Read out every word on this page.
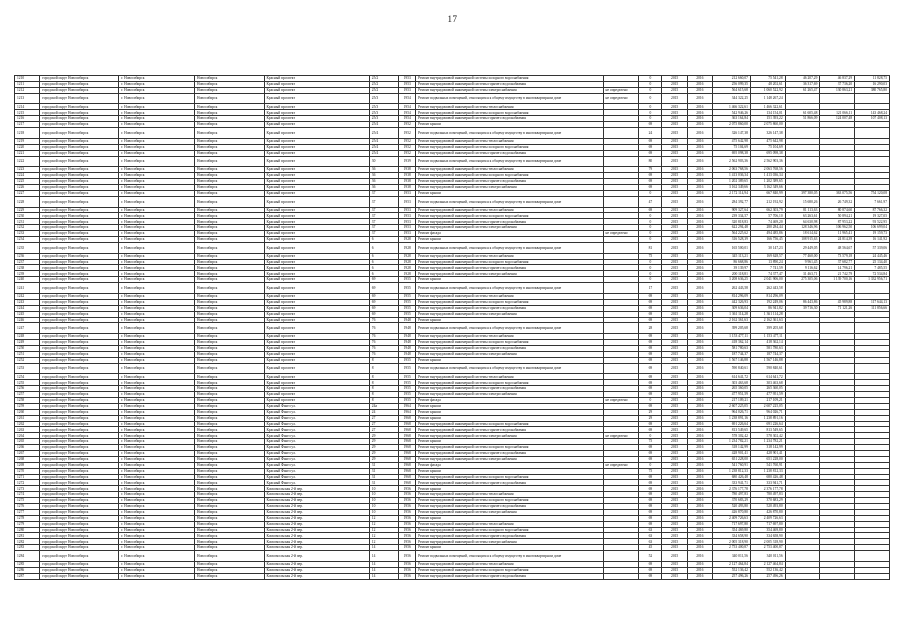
17
1210	городской округ Новосибирск	г. Новосибирск	Новосибирск	Красный проспект	25/2	1953	Ремонт внутридомовой инженерной системы холодного водоснабжения		0	2015	2016	212 660,07	75 541,28	46 207,29	46 837,29	11 828,75
1211	городской округ Новосибирск	г. Новосибирск	Новосибирск	Красный проспект	25/2	1953	Ремонт внутридомовой инженерной системы горячего водоснабжения		0	2015	2016	256 099,35	48 202,61	36 317,69	37 736,20	16 290,03
1212	городской округ Новосибирск	г. Новосибирск	Новосибирск	Красный проспект	25/2	1953	Ремонт внутридомовой инженерной системы электроснабжения	не определено	0	2015	2016	564 615,68	1 060 522,92	61 265,47	130 863,21	380 765,80
1213	городской округ Новосибирск	г. Новосибирск	Новосибирск	Красный проспект	25/3	1954	Ремонт подвальных помещений, относящихся к общему имуществу в многоквартирном доме	не определено	0	2015	2016	344 322,25	1 148 267,24			
1214	городской округ Новосибирск	г. Новосибирск	Новосибирск	Красный проспект	25/3	1954	Ремонт внутридомовой инженерной системы теплоснабжения		0	2015	2016	1 466 322,61	1 466 322,61			
1215	городской округ Новосибирск	г. Новосибирск	Новосибирск	Красный проспект	25/3	1954	Ремонт внутридомовой инженерной системы холодного водоснабжения		0	2015	2016	542 946,26	134 154,01	61 605,48	121 066,11	143 468,24
1216	городской округ Новосибирск	г. Новосибирск	Новосибирск	Красный проспект	25/3	1954	Ремонт внутридомовой инженерной системы горячего водоснабжения		0	2015	2016	363 164,84	151 393,22	51 866,09	124 007,48	107 408,13
1217	городской округ Новосибирск	г. Новосибирск	Новосибирск	Красный проспект	25/4	1952	Ремонт крыши		69	2015	2016	2 075 860,00	2 075 860,00			
1218	городской округ Новосибирск	г. Новосибирск	Новосибирск	Красный проспект	25/4	1952	Ремонт подвальных помещений, относящихся к общему имуществу в многоквартирном доме		24	2015	2016	326 147,38	326 147,38			
1219	городской округ Новосибирск	г. Новосибирск	Новосибирск	Красный проспект	25/4	1952	Ремонт внутридомовой инженерной системы теплоснабжения		69	2015	2016	475 642,98	475 642,98			
1220	городской округ Новосибирск	г. Новосибирск	Новосибирск	Красный проспект	25/4	1952	Ремонт внутридомовой инженерной системы холодного водоснабжения		69	2015	2016	75 104,69	75 104,69			
1221	городской округ Новосибирск	г. Новосибирск	Новосибирск	Красный проспект	25/4	1952	Ремонт внутридомовой инженерной системы горячего водоснабжения		69	2015	2016	695 098,38	695 098,38			
1222	городской округ Новосибирск	г. Новосибирск	Новосибирск	Красный проспект	30	1939	Ремонт подвальных помещений, относящихся к общему имуществу в многоквартирном доме		80	2015	2016	2 562 903,36	2 562 903,36			
1223	городской округ Новосибирск	г. Новосибирск	Новосибирск	Красный проспект	36	1938	Ремонт внутридомовой инженерной системы теплоснабжения		79	2015	2016	2 063 768,56	2 063 768,56			
1224	городской округ Новосибирск	г. Новосибирск	Новосибирск	Красный проспект	36	1938	Ремонт внутридомовой инженерной системы холодного водоснабжения		69	2015	2016	1 413 036,34	1 413 036,34			
1225	городской округ Новосибирск	г. Новосибирск	Новосибирск	Красный проспект	36	1938	Ремонт внутридомовой инженерной системы горячего водоснабжения		69	2015	2016	1 202 389,65	1 202 389,65			
1226	городской округ Новосибирск	г. Новосибирск	Новосибирск	Красный проспект	36	1938	Ремонт внутридомовой инженерной системы электроснабжения		69	2015	2016	3 162 349,66	3 162 349,66			
1227	городской округ Новосибирск	г. Новосибирск	Новосибирск	Красный проспект	37	1953	Ремонт крыши		0	2015	2016	2 172 114,94	667 840,99	397 380,05	363 075,56	754 120,08
1228	городской округ Новосибирск	г. Новосибирск	Новосибирск	Красный проспект	37	1953	Ремонт подвальных помещений, относящихся к общему имуществу в многоквартирном доме		47	2015	2016	284 392,77	212 192,92	15 680,26	26 749,32	7 661,97
1229	городской округ Новосибирск	г. Новосибирск	Новосибирск	Красный проспект	37	1953	Ремонт внутридомовой инженерной системы теплоснабжения		69	2015	2016	909 327,64	662 303,79	81 113,63	80 874,60	87 766,32
1230	городской округ Новосибирск	г. Новосибирск	Новосибирск	Красный проспект	37	1953	Ремонт внутридомовой инженерной системы холодного водоснабжения		0	2015	2016	239 334,57	57 706,10	63 263,61	50 894,21	19 327,05
1231	городской округ Новосибирск	г. Новосибирск	Новосибирск	Красный проспект	37	1953	Ремонт внутридомовой инженерной системы горячего водоснабжения		0	2015	2016	320 818,83	74 469,20	64 630,98	87 953,22	93 522,95
1232	городской округ Новосибирск	г. Новосибирск	Новосибирск	Красный проспект	37	1953	Ремонт внутридомовой инженерной системы электроснабжения		0	2015	2016	622 294,48	280 284,44	128 346,96	106 962,50	106 699,04
1233	городской округ Новосибирск	г. Новосибирск	Новосибирск	Красный проспект	37	1953	Ремонт фасада	не определено	0	2015	2016	564 225,62	494 485,86	18 614,62	11 965,41	19 159,73
1234	городской округ Новосибирск	г. Новосибирск	Новосибирск	Красный проспект	6	1928	Ремонт крыши		0	2015	2016	316 528,39	166 756,45	108 915,63	24 814,39	16 141,92
1235	городской округ Новосибирск	г. Новосибирск	Новосибирск	Красный проспект	6	1928	Ремонт подвальных помещений, относящихся к общему имуществу в многоквартирном доме		81	2015	2016	165 500,01	30 147,23	29 449,05	48 564,67	57 339,06
1236	городской округ Новосибирск	г. Новосибирск	Новосибирск	Красный проспект	6	1928	Ремонт внутридомовой инженерной системы теплоснабжения		75	2015	2016	345 113,21	169 628,57	77 460,00	73 579,18	24 445,46
1237	городской округ Новосибирск	г. Новосибирск	Новосибирск	Красный проспект	6	1928	Ремонт внутридомовой инженерной системы холодного водоснабжения		0	2015	2016	86 668,86	13 890,24	9 961,45	37 682,77	25 134,40
1238	городской округ Новосибирск	г. Новосибирск	Новосибирск	Красный проспект	6	1928	Ремонт внутридомовой инженерной системы горячего водоснабжения		0	2015	2016	39 139,97	7 741,59	9 116,62	14 796,21	7 485,55
1239	городской округ Новосибирск	г. Новосибирск	Новосибирск	Красный проспект	6	1928	Ремонт внутридомовой инженерной системы электроснабжения		0	2015	2016	200 118,81	74 377,47	31 463,71	21 742,79	72 534,84
1240	городской округ Новосибирск	г. Новосибирск	Новосибирск	Красный проспект	69	1955	Ремонт крыши		0	2015	2016	3 208 636,25	2 041 906,00	275 305,06	1 139 700,16	1 332 956,71
1241	городской округ Новосибирск	г. Новосибирск	Новосибирск	Красный проспект	69	1955	Ремонт подвальных помещений, относящихся к общему имуществу в многоквартирном доме		17	2015	2016	262 443,58	262 443,58			
1242	городской округ Новосибирск	г. Новосибирск	Новосибирск	Красный проспект	69	1955	Ремонт внутридомовой инженерной системы теплоснабжения		69	2015	2016	814 296,09	814 296,09			
1243	городской округ Новосибирск	г. Новосибирск	Новосибирск	Красный проспект	69	1955	Ремонт внутридомовой инженерной системы холодного водоснабжения		69	2015	2016	442 326,93	192 249,06	86 443,86	45 989,88	117 644,13
1244	городской округ Новосибирск	г. Новосибирск	Новосибирск	Красный проспект	69	1955	Ремонт внутридомовой инженерной системы горячего водоснабжения		69	2015	2016	309 636,04	86 941,82	39 716,30	71 121,26	111 856,66
1245	городской округ Новосибирск	г. Новосибирск	Новосибирск	Красный проспект	69	1955	Ремонт внутридомовой инженерной системы электроснабжения		69	2015	2016	1 361 114,28	1 361 114,28			
1246	городской округ Новосибирск	г. Новосибирск	Новосибирск	Красный проспект	76	1948	Ремонт крыши		69	2015	2016	2 162 361,63	2 162 361,63			
1247	городской округ Новосибирск	г. Новосибирск	Новосибирск	Красный проспект	76	1948	Ремонт подвальных помещений, относящихся к общему имуществу в многоквартирном доме		28	2015	2016	399 205,68	399 205,68			
1248	городской округ Новосибирск	г. Новосибирск	Новосибирск	Красный проспект	76	1948	Ремонт внутридомовой инженерной системы теплоснабжения		69	2015	2016	1 153 477,11	1 153 477,11			
1249	городской округ Новосибирск	г. Новосибирск	Новосибирск	Красный проспект	76	1948	Ремонт внутридомовой инженерной системы холодного водоснабжения		69	2015	2016	418 362,14	418 362,14			
1250	городской округ Новосибирск	г. Новосибирск	Новосибирск	Красный проспект	76	1948	Ремонт внутридомовой инженерной системы горячего водоснабжения		69	2015	2016	581 780,63	581 780,63			
1251	городской округ Новосибирск	г. Новосибирск	Новосибирск	Красный проспект	76	1948	Ремонт внутридомовой инженерной системы электроснабжения		69	2015	2016	187 744,37	187 744,37			
1252	городской округ Новосибирск	г. Новосибирск	Новосибирск	Красный проспект	8	1955	Ремонт крыши		69	2015	2016	1 567 146,88	1 567 146,88			
1253	городской округ Новосибирск	г. Новосибирск	Новосибирск	Красный проспект	8	1955	Ремонт подвальных помещений, относящихся к общему имуществу в многоквартирном доме		69	2015	2016	590 840,61	590 840,61			
1254	городской округ Новосибирск	г. Новосибирск	Новосибирск	Красный проспект	8	1955	Ремонт внутридомовой инженерной системы теплоснабжения		69	2015	2016	614 641,72	614 641,72			
1255	городской округ Новосибирск	г. Новосибирск	Новосибирск	Красный проспект	8	1955	Ремонт внутридомовой инженерной системы холодного водоснабжения		69	2015	2016	303 463,68	303 463,68			
1256	городской округ Новосибирск	г. Новосибирск	Новосибирск	Красный проспект	8	1955	Ремонт внутридомовой инженерной системы горячего водоснабжения		69	2015	2016	265 360,05	265 360,05			
1257	городской округ Новосибирск	г. Новосибирск	Новосибирск	Красный проспект	8	1955	Ремонт внутридомовой инженерной системы электроснабжения		69	2015	2016	477 951,59	477 951,59			
1258	городской округ Новосибирск	г. Новосибирск	Новосибирск	Красный проспект	8	1955	Ремонт фасада	не определено	0	2015	2016	217 109,21	217 109,21			
1259	городской округ Новосибирск	г. Новосибирск	Новосибирск	Красный Факел ул.	24а	1964	Ремонт крыши		69	2015	2016	2 607 225,05	2 607 225,05			
1260	городской округ Новосибирск	г. Новосибирск	Новосибирск	Красный Факел ул.	24	1964	Ремонт крыши		29	2015	2016	964 026,71	964 026,71			
1261	городской округ Новосибирск	г. Новосибирск	Новосибирск	Красный Факел ул.	27	1968	Ремонт крыши		29	2015	2016	1 238 891,16	1 238 891,16			
1262	городской округ Новосибирск	г. Новосибирск	Новосибирск	Красный Факел ул.	27	1968	Ремонт внутридомовой инженерной системы холодного водоснабжения		69	2015	2016	691 226,64	691 226,64			
1263	городской округ Новосибирск	г. Новосибирск	Новосибирск	Красный Факел ул.	27	1968	Ремонт внутридомовой инженерной системы горячего водоснабжения		69	2015	2016	813 549,65	813 549,65			
1264	городской округ Новосибирск	г. Новосибирск	Новосибирск	Красный Факел ул.	29	1968	Ремонт внутридомовой инженерной системы электроснабжения	не определено	0	2015	2016	578 302,42	578 302,42			
1265	городской округ Новосибирск	г. Новосибирск	Новосибирск	Красный Факел ул.	29	1968	Ремонт крыши		75	2015	2016	1 234 782,21	1 234 782,21			
1266	городской округ Новосибирск	г. Новосибирск	Новосибирск	Красный Факел ул.	29	1968	Ремонт внутридомовой инженерной системы холодного водоснабжения		69	2015	2016	318 142,99	318 142,99			
1267	городской округ Новосибирск	г. Новосибирск	Новосибирск	Красный Факел ул.	29	1968	Ремонт внутридомовой инженерной системы горячего водоснабжения		69	2015	2016	428 901,41	428 901,41			
1268	городской округ Новосибирск	г. Новосибирск	Новосибирск	Красный Факел ул.	29	1968	Ремонт внутридомовой инженерной системы электроснабжения		69	2015	2016	651 228,00	651 228,00			
1269	городской округ Новосибирск	г. Новосибирск	Новосибирск	Красный Факел ул.	31	1968	Ремонт фасада	не определено	0	2015	2016	541 760,91	541 760,91			
1270	городской округ Новосибирск	г. Новосибирск	Новосибирск	Красный Факел ул.	31	1968	Ремонт крыши		75	2015	2016	1 238 812,33	1 238 812,33			
1271	городской округ Новосибирск	г. Новосибирск	Новосибирск	Красный Факел ул.	31	1968	Ремонт внутридомовой инженерной системы холодного водоснабжения		69	2015	2016	680 426,48	680 426,48			
1272	городской округ Новосибирск	г. Новосибирск	Новосибирск	Красный Факел ул.	31	1968	Ремонт внутридомовой инженерной системы горячего водоснабжения		69	2015	2016	333 941,71	333 941,71			
1273	городской округ Новосибирск	г. Новосибирск	Новосибирск	Комсомольская 2-й пер.	10	1956	Ремонт крыши		69	2015	2016	2 376 177,78	2 376 177,78			
1274	городской округ Новосибирск	г. Новосибирск	Новосибирск	Комсомольская 2-й пер.	10	1956	Ремонт внутридомовой инженерной системы теплоснабжения		69	2015	2016	780 497,83	780 497,83			
1275	городской округ Новосибирск	г. Новосибирск	Новосибирск	Комсомольская 2-й пер.	10	1956	Ремонт внутридомовой инженерной системы холодного водоснабжения		69	2015	2016	370 683,29	370 683,29			
1276	городской округ Новосибирск	г. Новосибирск	Новосибирск	Комсомольская 2-й пер.	10	1956	Ремонт внутридомовой инженерной системы горячего водоснабжения		69	2015	2016	520 493,80	520 493,80			
1277	городской округ Новосибирск	г. Новосибирск	Новосибирск	Комсомольская 2-й пер.	10	1956	Ремонт внутридомовой инженерной системы электроснабжения		69	2015	2016	426 870,80	426 870,80			
1278	городской округ Новосибирск	г. Новосибирск	Новосибирск	Комсомольская 2-й пер.	12	1956	Ремонт крыши		69	2015	2016	2 409 726,63	2 409 726,63			
1279	городской округ Новосибирск	г. Новосибирск	Новосибирск	Комсомольская 2-й пер.	12	1956	Ремонт внутридомовой инженерной системы теплоснабжения		69	2015	2016	717 697,80	717 697,80			
1280	городской округ Новосибирск	г. Новосибирск	Новосибирск	Комсомольская 2-й пер.	12	1956	Ремонт внутридомовой инженерной системы холодного водоснабжения		63	2015	2016	354 469,80	354 469,80			
1281	городской округ Новосибирск	г. Новосибирск	Новосибирск	Комсомольская 2-й пер.	12	1956	Ремонт внутридомовой инженерной системы горячего водоснабжения		63	2015	2016	334 658,90	334 658,90			
1282	городской округ Новосибирск	г. Новосибирск	Новосибирск	Комсомольская 2-й пер.	12	1956	Ремонт внутридомовой инженерной системы электроснабжения		63	2015	2016	2 005 318,90	2 005 318,90			
1283	городской округ Новосибирск	г. Новосибирск	Новосибирск	Комсомольская 2-й пер.	14	1956	Ремонт крыши		45	2015	2016	2 753 400,87	2 753 400,87			
1284	городской округ Новосибирск	г. Новосибирск	Новосибирск	Комсомольская 2-й пер.	14	1956	Ремонт подвальных помещений, относящихся к общему имуществу в многоквартирном доме		52	2015	2016	340 011,56	340 011,56			
1285	городской округ Новосибирск	г. Новосибирск	Новосибирск	Комсомольская 2-й пер.	14	1956	Ремонт внутридомовой инженерной системы теплоснабжения		69	2015	2016	2 127 464,84	2 127 464,84			
1286	городской округ Новосибирск	г. Новосибирск	Новосибирск	Комсомольская 2-й пер.	14	1956	Ремонт внутридомовой инженерной системы холодного водоснабжения		69	2015	2016	552 136,42	552 136,42			
1287	городской округ Новосибирск	г. Новосибирск	Новосибирск	Комсомольская 2-й пер.	14	1956	Ремонт внутридомовой инженерной системы горячего водоснабжения		69	2015	2016	257 496,26	257 496,26			
